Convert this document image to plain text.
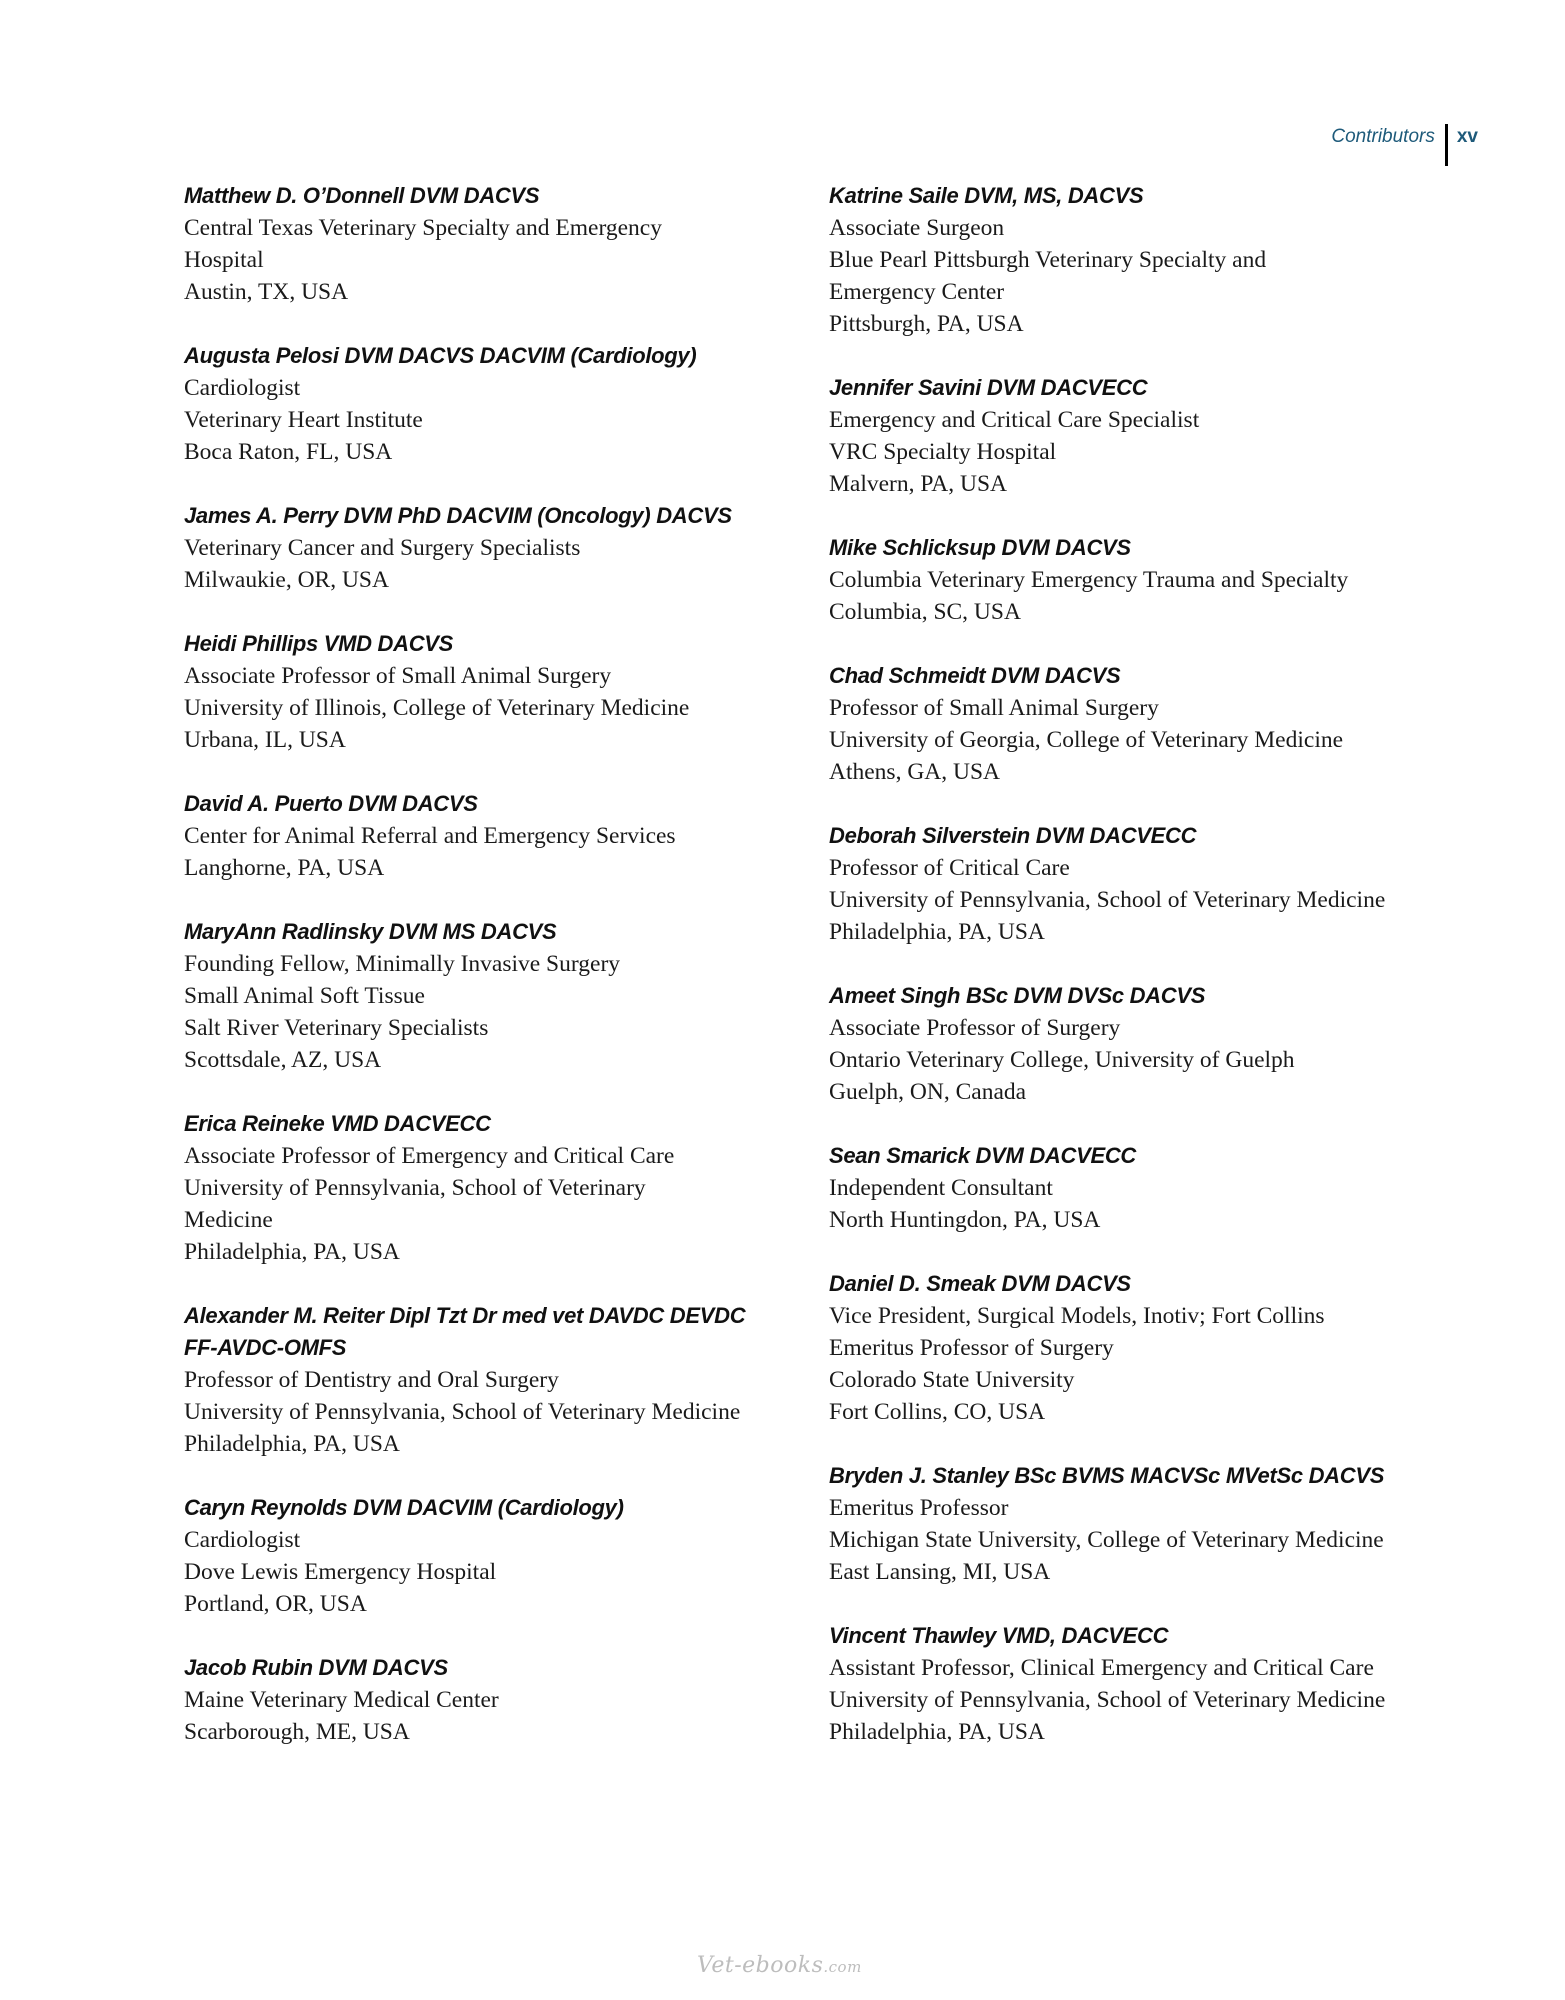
Contributors	xv
Matthew D. O’Donnell DVM DACVS
Central Texas Veterinary Specialty and Emergency
Hospital
Austin, TX, USA
Augusta Pelosi DVM DACVS DACVIM (Cardiology)
Cardiologist
Veterinary Heart Institute
Boca Raton, FL, USA
James A. Perry DVM PhD DACVIM (Oncology) DACVS
Veterinary Cancer and Surgery Specialists
Milwaukie, OR, USA
Heidi Phillips VMD DACVS
Associate Professor of Small Animal Surgery
University of Illinois, College of Veterinary Medicine
Urbana, IL, USA
David A. Puerto DVM DACVS
Center for Animal Referral and Emergency Services
Langhorne, PA, USA
MaryAnn Radlinsky DVM MS DACVS
Founding Fellow, Minimally Invasive Surgery
Small Animal Soft Tissue
Salt River Veterinary Specialists
Scottsdale, AZ, USA
Erica Reineke VMD DACVECC
Associate Professor of Emergency and Critical Care
University of Pennsylvania, School of Veterinary
Medicine
Philadelphia, PA, USA
Alexander M. Reiter Dipl Tzt Dr med vet DAVDC DEVDC
FF-AVDC-OMFS
Professor of Dentistry and Oral Surgery
University of Pennsylvania, School of Veterinary Medicine
Philadelphia, PA, USA
Caryn Reynolds DVM DACVIM (Cardiology)
Cardiologist
Dove Lewis Emergency Hospital
Portland, OR, USA
Jacob Rubin DVM DACVS
Maine Veterinary Medical Center
Scarborough, ME, USA
Katrine Saile DVM, MS, DACVS
Associate Surgeon
Blue Pearl Pittsburgh Veterinary Specialty and
Emergency Center
Pittsburgh, PA, USA
Jennifer Savini DVM DACVECC
Emergency and Critical Care Specialist
VRC Specialty Hospital
Malvern, PA, USA
Mike Schlicksup DVM DACVS
Columbia Veterinary Emergency Trauma and Specialty
Columbia, SC, USA
Chad Schmeidt DVM DACVS
Professor of Small Animal Surgery
University of Georgia, College of Veterinary Medicine
Athens, GA, USA
Deborah Silverstein DVM DACVECC
Professor of Critical Care
University of Pennsylvania, School of Veterinary Medicine
Philadelphia, PA, USA
Ameet Singh BSc DVM DVSc DACVS
Associate Professor of Surgery
Ontario Veterinary College, University of Guelph
Guelph, ON, Canada
Sean Smarick DVM DACVECC
Independent Consultant
North Huntingdon, PA, USA
Daniel D. Smeak DVM DACVS
Vice President, Surgical Models, Inotiv; Fort Collins
Emeritus Professor of Surgery
Colorado State University
Fort Collins, CO, USA
Bryden J. Stanley BSc BVMS MACVSc MVetSc DACVS
Emeritus Professor
Michigan State University, College of Veterinary Medicine
East Lansing, MI, USA
Vincent Thawley VMD, DACVECC
Assistant Professor, Clinical Emergency and Critical Care
University of Pennsylvania, School of Veterinary Medicine
Philadelphia, PA, USA
Vet-ebooks.com
